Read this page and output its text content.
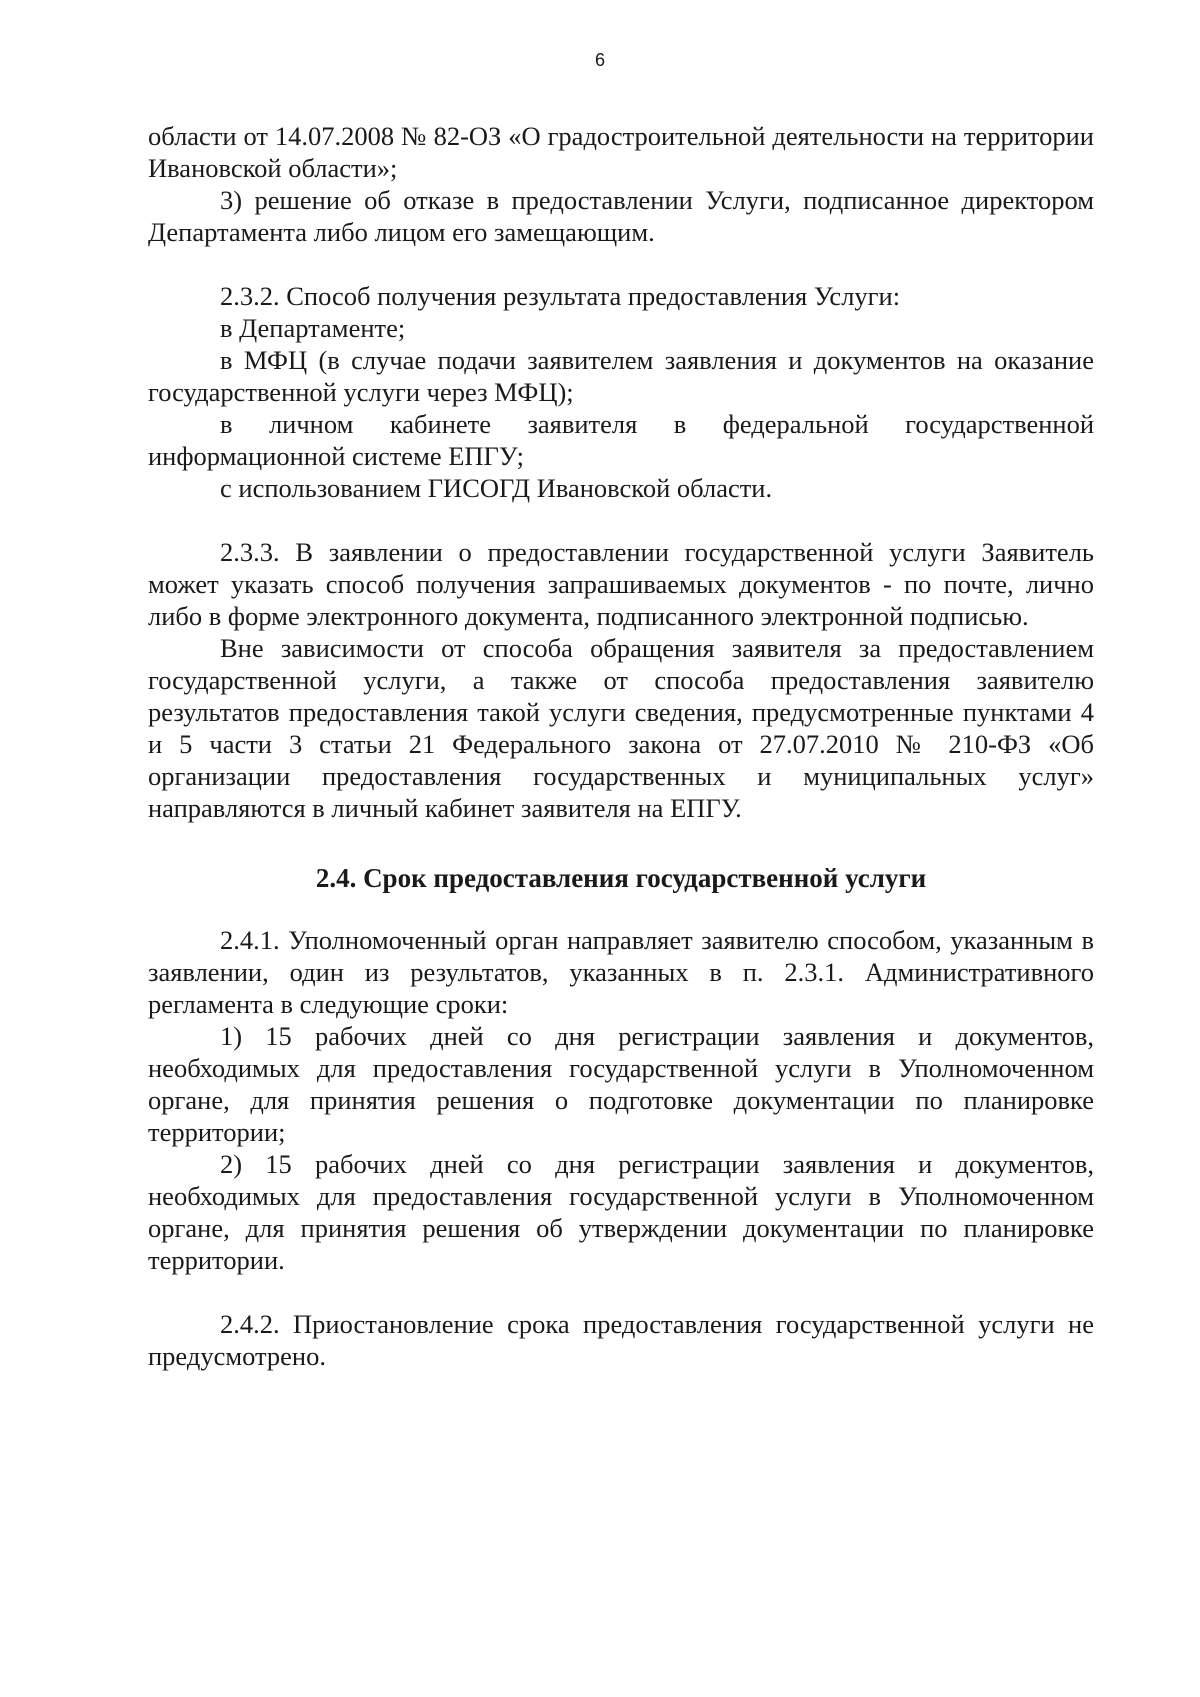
6

области от 14.07.2008 № 82-ОЗ «О градостроительной деятельности на территории Ивановской области»;

3) решение об отказе в предоставлении Услуги, подписанное директором Департамента либо лицом его замещающим.

2.3.2. Способ получения результата предоставления Услуги:

в Департаменте;

в МФЦ (в случае подачи заявителем заявления и документов на оказание государственной услуги через МФЦ);

в личном кабинете заявителя в федеральной государственной информационной системе ЕПГУ;

с использованием ГИСОГД Ивановской области.

2.3.3. В заявлении о предоставлении государственной услуги Заявитель может указать способ получения запрашиваемых документов - по почте, лично либо в форме электронного документа, подписанного электронной подписью.

Вне зависимости от способа обращения заявителя за предоставлением государственной услуги, а также от способа предоставления заявителю результатов предоставления такой услуги сведения, предусмотренные пунктами 4 и 5 части 3 статьи 21 Федерального закона от 27.07.2010 № 210-ФЗ «Об организации предоставления государственных и муниципальных услуг» направляются в личный кабинет заявителя на ЕПГУ.

2.4. Срок предоставления государственной услуги

2.4.1. Уполномоченный орган направляет заявителю способом, указанным в заявлении, один из результатов, указанных в п. 2.3.1. Административного регламента в следующие сроки:

1) 15 рабочих дней со дня регистрации заявления и документов, необходимых для предоставления государственной услуги в Уполномоченном органе, для принятия решения о подготовке документации по планировке территории;

2) 15 рабочих дней со дня регистрации заявления и документов, необходимых для предоставления государственной услуги в Уполномоченном органе, для принятия решения об утверждении документации по планировке территории.

2.4.2. Приостановление срока предоставления государственной услуги не предусмотрено.
